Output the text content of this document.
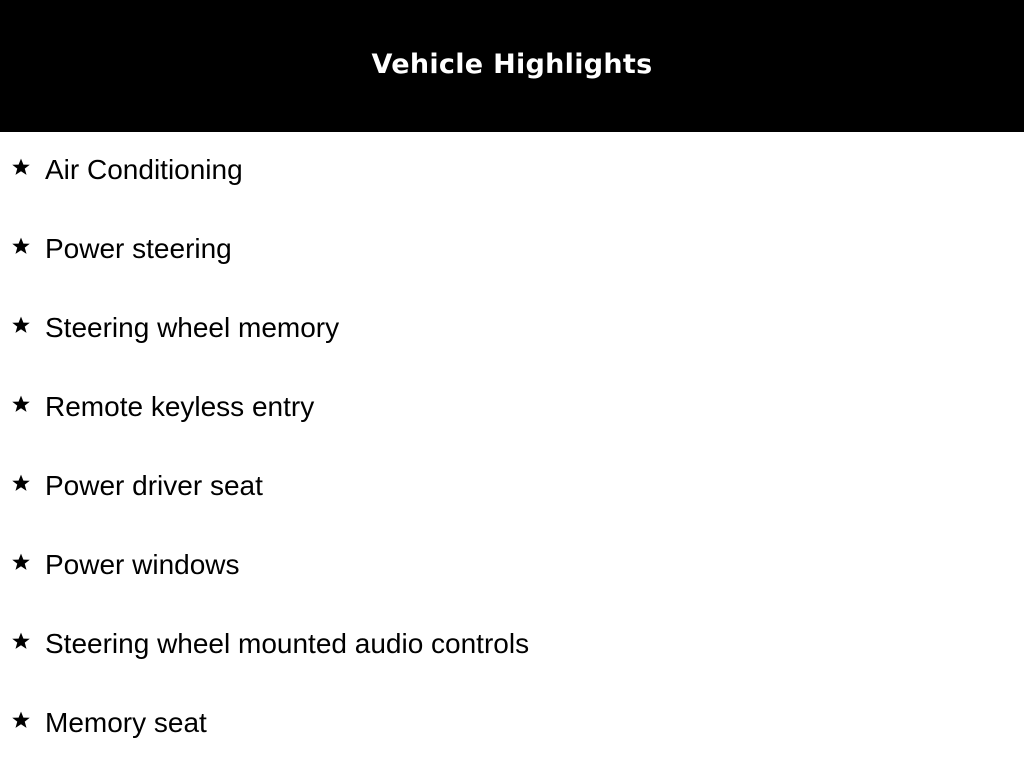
Vehicle Highlights
Air Conditioning
Power steering
Steering wheel memory
Remote keyless entry
Power driver seat
Power windows
Steering wheel mounted audio controls
Memory seat
